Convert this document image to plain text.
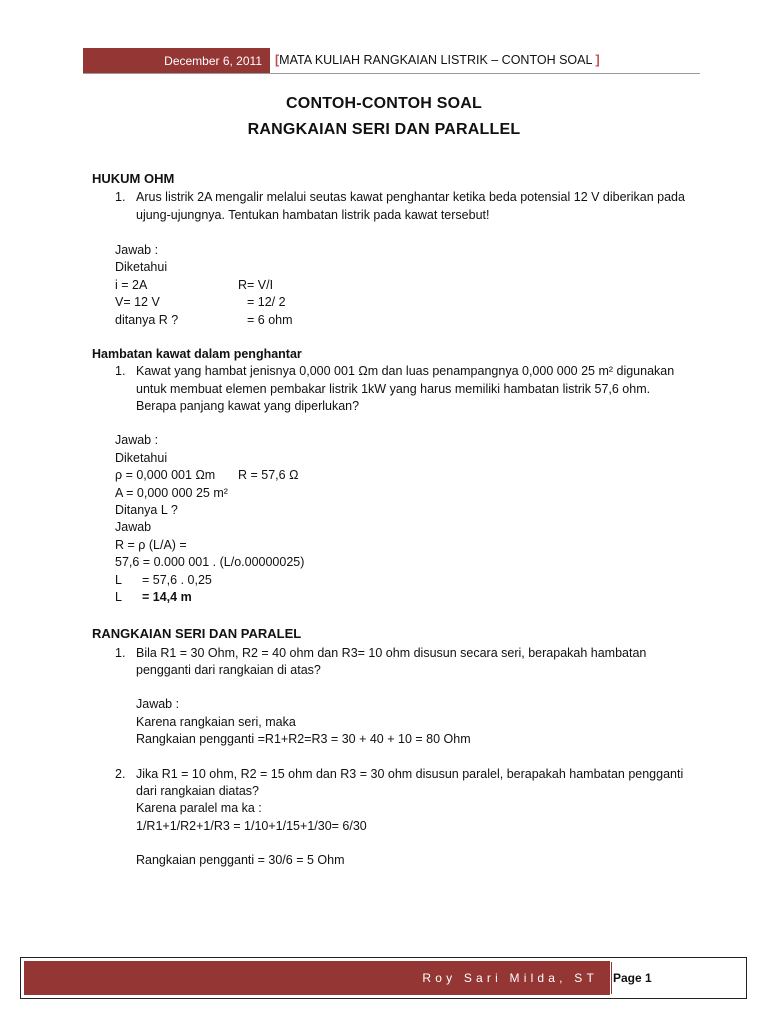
December 6, 2011 [MATA KULIAH RANGKAIAN LISTRIK – CONTOH SOAL ]
CONTOH-CONTOH SOAL
RANGKAIAN SERI DAN PARALLEL
HUKUM OHM
1. Arus listrik 2A mengalir melalui seutas kawat penghantar ketika beda potensial 12 V diberikan pada
ujung-ujungnya. Tentukan hambatan listrik pada kawat tersebut!
Jawab :
Diketahui
i = 2A	R= V/I
V= 12 V	= 12/ 2
ditanya R ?	= 6 ohm
Hambatan kawat dalam penghantar
1. Kawat yang hambat jenisnya 0,000 001 Ωm dan luas penampangnya 0,000 000 25 m² digunakan
untuk membuat elemen pembakar listrik 1kW yang harus memiliki hambatan listrik 57,6 ohm.
Berapa panjang kawat yang diperlukan?
Jawab :
Diketahui
ρ = 0,000 001 Ωm R = 57,6 Ω
A = 0,000 000 25 m²
Ditanya L ?
Jawab
R = ρ (L/A) =
57,6 = 0.000 001 . (L/o.00000025)
L = 57,6 . 0,25
L = 14,4 m
RANGKAIAN SERI DAN PARALEL
1. Bila R1 = 30 Ohm, R2 = 40 ohm dan R3= 10 ohm disusun secara seri, berapakah hambatan
pengganti dari rangkaian di atas?
Jawab :
Karena rangkaian seri, maka
Rangkaian pengganti =R1+R2=R3 = 30 + 40 + 10 = 80 Ohm
2. Jika R1 = 10 ohm, R2 = 15 ohm dan R3 = 30 ohm disusun paralel, berapakah hambatan pengganti
dari rangkaian diatas?
Karena paralel ma ka :
1/R1+1/R2+1/R3 = 1/10+1/15+1/30= 6/30
Rangkaian pengganti = 30/6 = 5 Ohm
Roy Sari Milda, ST Page 1
